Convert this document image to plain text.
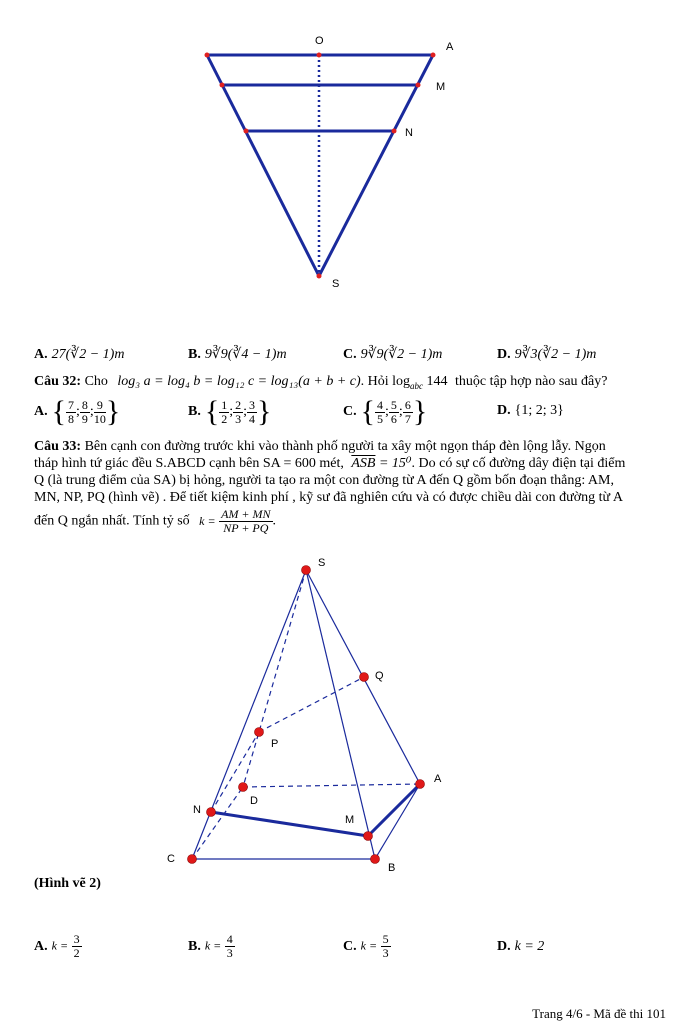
O	A
M
N
S
A. 27(∛2 − 1)m	B. 9∛9(∛4 − 1)m	C. 9∛9(∛2 − 1)m	D. 9∛3(∛2 − 1)m
Câu 32: Cho log₃ a = log₄ b = log₁₂ c = log₁₃(a + b + c). Hỏi $\log_{abc} 144$ thuộc tập hợp nào sau đây?
A. { $\frac{7}{8}$ ; $\frac{8}{9}$ ; $\frac{9}{10}$ }	B. { $\frac{1}{2}$ ; $\frac{2}{3}$ ; $\frac{3}{4}$ }	C. { $\frac{4}{5}$ ; $\frac{5}{6}$ ; $\frac{6}{7}$ }	D. {1; 2; 3}
Câu 33: Bên cạnh con đường trước khi vào thành phố người ta xây một ngọn tháp đèn lộng lẫy. Ngọn
tháp hình tứ giác đều S.ABCD cạnh bên SA = 600 mét, $\overline{ASB} = 15^0$. Do có sự cố đường dây điện tại điểm
Q (là trung điểm của SA) bị hỏng, người ta tạo ra một con đường từ A đến Q gồm bốn đoạn thẳng: AM,
MN, NP, PQ (hình vẽ) . Để tiết kiệm kinh phí , kỹ sư đã nghiên cứu và có được chiều dài con đường từ A
đến Q ngắn nhất. Tính tỷ số $k = \frac{AM + MN}{NP + PQ}$ .
S
Q
P
A
D
N
M
C
B
(Hình vẽ 2)
A. $k = \frac{3}{2}$	B. $k = \frac{4}{3}$	C. $k = \frac{5}{3}$	D. k = 2
Trang 4/6 - Mã đề thi 101
